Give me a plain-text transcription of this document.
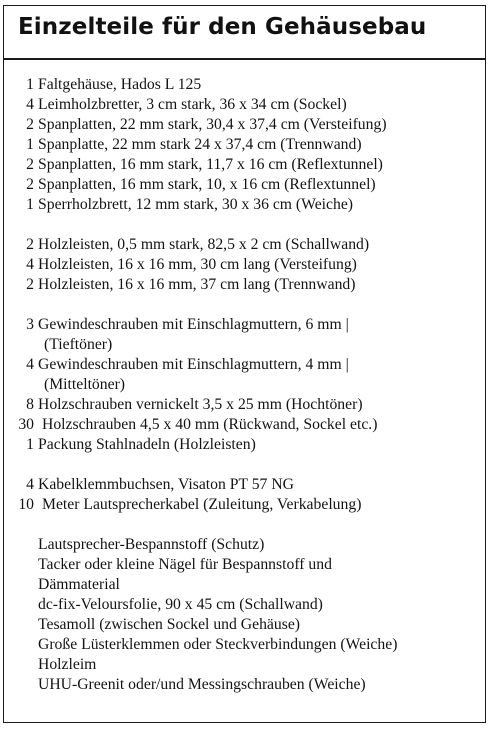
Einzelteile für den Gehäusebau
1 Faltgehäuse, Hados L 125
4 Leimholzbretter, 3 cm stark, 36 x 34 cm (Sockel)
2 Spanplatten, 22 mm stark, 30,4 x 37,4 cm (Versteifung)
1 Spanplatte, 22 mm stark 24 x 37,4 cm (Trennwand)
2 Spanplatten, 16 mm stark, 11,7 x 16 cm (Reflextunnel)
2 Spanplatten, 16 mm stark, 10, x 16 cm (Reflextunnel)
1 Sperrholzbrett, 12 mm stark, 30 x 36 cm (Weiche)
2 Holzleisten, 0,5 mm stark, 82,5 x 2 cm (Schallwand)
4 Holzleisten, 16 x 16 mm, 30 cm lang (Versteifung)
2 Holzleisten, 16 x 16 mm, 37 cm lang (Trennwand)
3 Gewindeschrauben mit Einschlagmuttern, 6 mm |
(Tieftöner)
4 Gewindeschrauben mit Einschlagmuttern, 4 mm |
(Mitteltöner)
8 Holzschrauben vernickelt 3,5 x 25 mm (Hochtöner)
30 Holzschrauben 4,5 x 40 mm (Rückwand, Sockel etc.)
1 Packung Stahlnadeln (Holzleisten)
4 Kabelklemmbuchsen, Visaton PT 57 NG
10 Meter Lautsprecherkabel (Zuleitung, Verkabelung)
Lautsprecher-Bespannstoff (Schutz)
Tacker oder kleine Nägel für Bespannstoff und
Dämmaterial
dc-fix-Veloursfolie, 90 x 45 cm (Schallwand)
Tesamoll (zwischen Sockel und Gehäuse)
Große Lüsterklemmen oder Steckverbindungen (Weiche)
Holzleim
UHU-Greenit oder/und Messingschrauben (Weiche)
